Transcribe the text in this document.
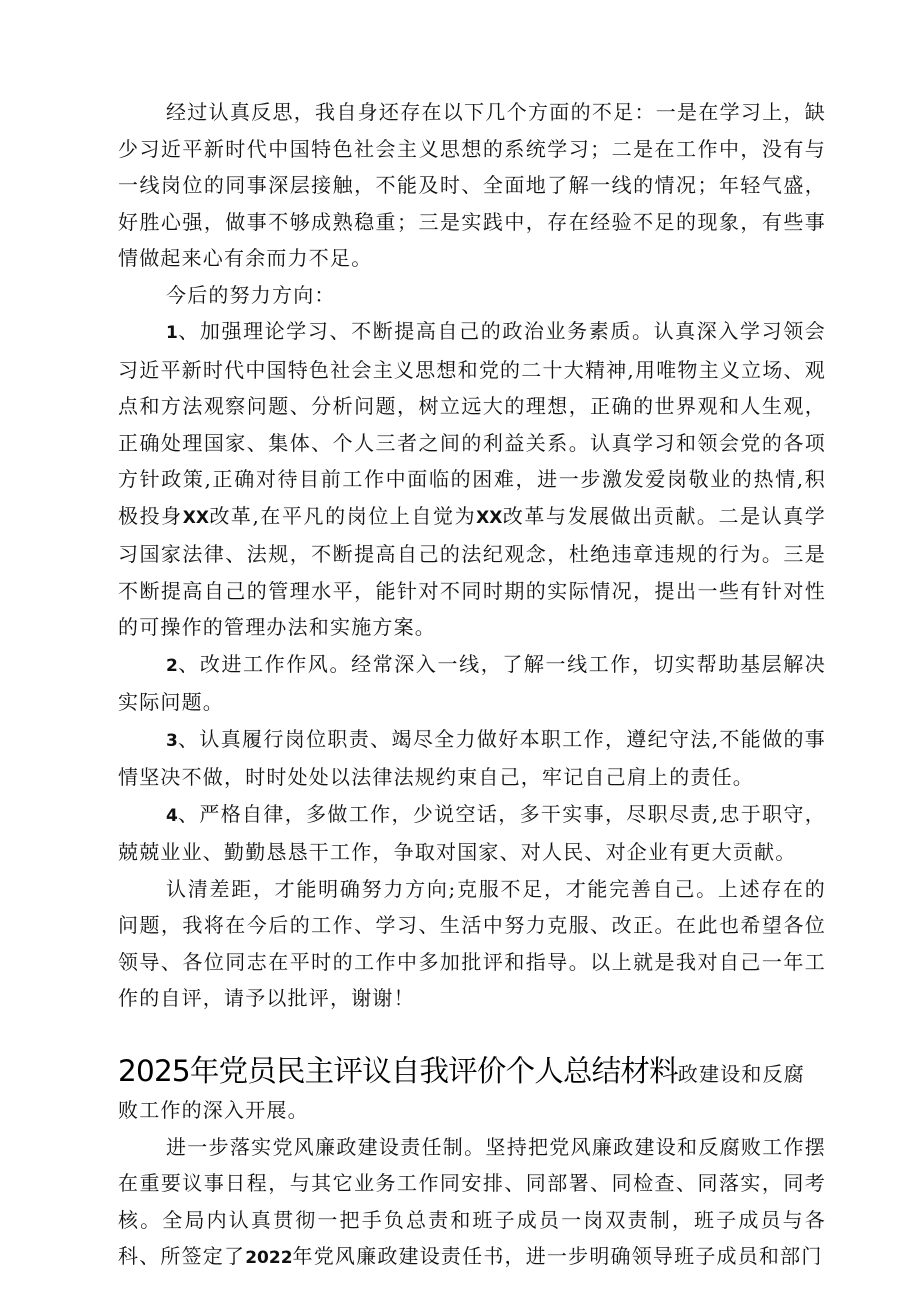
经过认真反思，我自身还存在以下几个方面的不足：一是在学习上，缺少习近平新时代中国特色社会主义思想的系统学习；二是在工作中，没有与一线岗位的同事深层接触，不能及时、全面地了解一线的情况；年轻气盛，好胜心强，做事不够成熟稳重；三是实践中，存在经验不足的现象，有些事情做起来心有余而力不足。

今后的努力方向：

1、加强理论学习、不断提高自己的政治业务素质。认真深入学习领会习近平新时代中国特色社会主义思想和党的二十大精神,用唯物主义立场、观点和方法观察问题、分析问题，树立远大的理想，正确的世界观和人生观，正确处理国家、集体、个人三者之间的利益关系。认真学习和领会党的各项方针政策,正确对待目前工作中面临的困难，进一步激发爱岗敬业的热情,积极投身XX改革,在平凡的岗位上自觉为XX改革与发展做出贡献。二是认真学习国家法律、法规，不断提高自己的法纪观念，杜绝违章违规的行为。三是不断提高自己的管理水平，能针对不同时期的实际情况，提出一些有针对性的可操作的管理办法和实施方案。

2、改进工作作风。经常深入一线，了解一线工作，切实帮助基层解决实际问题。

3、认真履行岗位职责、竭尽全力做好本职工作，遵纪守法,不能做的事情坚决不做，时时处处以法律法规约束自己，牢记自己肩上的责任。

4、严格自律，多做工作，少说空话，多干实事，尽职尽责,忠于职守，兢兢业业、勤勤恳恳干工作，争取对国家、对人民、对企业有更大贡献。

认清差距，才能明确努力方向;克服不足，才能完善自己。上述存在的问题，我将在今后的工作、学习、生活中努力克服、改正。在此也希望各位领导、各位同志在平时的工作中多加批评和指导。以上就是我对自己一年工作的自评，请予以批评，谢谢！

2025年党员民主评议自我评价个人总结材料政建设和反腐败工作的深入开展。

进一步落实党风廉政建设责任制。坚持把党风廉政建设和反腐败工作摆在重要议事日程，与其它业务工作同安排、同部署、同检查、同落实，同考核。全局内认真贯彻一把手负总责和班子成员一岗双责制，班子成员与各科、所签定了2022年党风廉政建设责任书，进一步明确领导班子成员和部门
